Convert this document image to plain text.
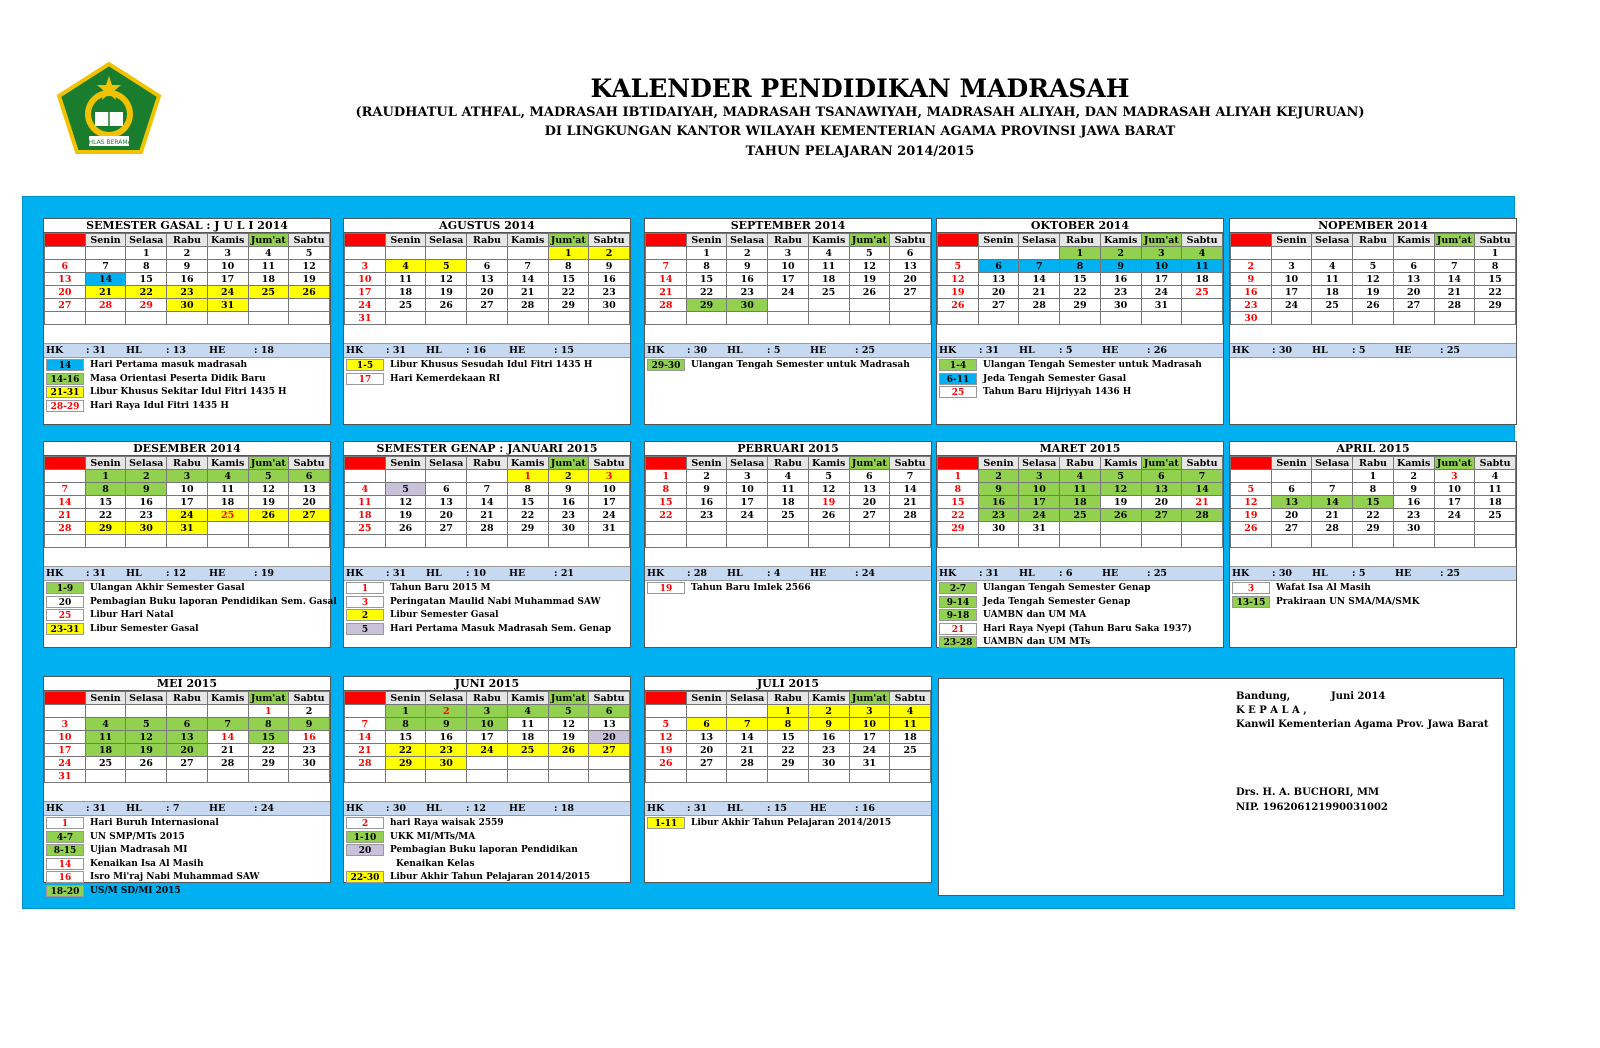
IKHLAS BERAMAL
KALENDER PENDIDIKAN MADRASAH
(RAUDHATUL ATHFAL, MADRASAH IBTIDAIYAH, MADRASAH TSANAWIYAH, MADRASAH ALIYAH, DAN MADRASAH ALIYAH KEJURUAN)
DI LINGKUNGAN KANTOR WILAYAH KEMENTERIAN AGAMA PROVINSI JAWA BARAT
TAHUN PELAJARAN 2014/2015
Bandung,	Juni 2014
K E P A L A ,
Kanwil Kementerian Agama Prov. Jawa Barat
Drs. H. A. BUCHORI, MM
NIP. 196206121990031002
SEMESTER GASAL : J U L I 2014
Ahad	Senin	Selasa	Rabu	Kamis	Jum'at	Sabtu
		1	2	3	4	5
6	7	8	9	10	11	12
13	14	15	16	17	18	19
20	21	22	23	24	25	26
27	28	29	30	31		

HK : 31 HL	: 13 HE	: 18
14	Hari Pertama masuk madrasah
14-16	Masa Orientasi Peserta Didik Baru
21-31	Libur Khusus Sekitar Idul Fitri 1435 H
28-29	Hari Raya Idul Fitri 1435 H
AGUSTUS 2014
Ahad	Senin	Selasa	Rabu	Kamis	Jum'at	Sabtu
					1	2
3	4	5	6	7	8	9
10	11	12	13	14	15	16
17	18	19	20	21	22	23
24	25	26	27	28	29	30
31						
HK : 31 HL	: 16 HE	: 15
1-5	Libur Khusus Sesudah Idul Fitri 1435 H
17	Hari Kemerdekaan RI
SEPTEMBER 2014
Ahad	Senin	Selasa	Rabu	Kamis	Jum'at	Sabtu
	1	2	3	4	5	6
7	8	9	10	11	12	13
14	15	16	17	18	19	20
21	22	23	24	25	26	27
28	29	30				

HK : 30 HL	: 5	HE	: 25
29-30	Ulangan Tengah Semester untuk Madrasah
OKTOBER 2014
Ahad	Senin	Selasa	Rabu	Kamis	Jum'at	Sabtu
			1	2	3	4
5	6	7	8	9	10	11
12	13	14	15	16	17	18
19	20	21	22	23	24	25
26	27	28	29	30	31	

HK : 31 HL	: 5	HE	: 26
1-4	Ulangan Tengah Semester untuk Madrasah
6-11	Jeda Tengah Semester Gasal
25	Tahun Baru Hijriyyah 1436 H
NOPEMBER 2014
Ahad	Senin	Selasa	Rabu	Kamis	Jum'at	Sabtu
						1
2	3	4	5	6	7	8
9	10	11	12	13	14	15
16	17	18	19	20	21	22
23	24	25	26	27	28	29
30						
HK : 30 HL	: 5	HE	: 25
DESEMBER 2014
Ahad	Senin	Selasa	Rabu	Kamis	Jum'at	Sabtu
	1	2	3	4	5	6
7	8	9	10	11	12	13
14	15	16	17	18	19	20
21	22	23	24	25	26	27
28	29	30	31			

HK : 31 HL	: 12 HE	: 19
1-9	Ulangan Akhir Semester Gasal
20	Pembagian Buku laporan Pendidikan Sem. Gasal
25	Libur Hari Natal
23-31	Libur Semester Gasal
SEMESTER GENAP : JANUARI 2015
Ahad	Senin	Selasa	Rabu	Kamis	Jum'at	Sabtu
				1	2	3
4	5	6	7	8	9	10
11	12	13	14	15	16	17
18	19	20	21	22	23	24
25	26	27	28	29	30	31

HK : 31 HL	: 10 HE	: 21
1	Tahun Baru 2015 M
3	Peringatan Maulid Nabi Muhammad SAW
2	Libur Semester Gasal
5	Hari Pertama Masuk Madrasah Sem. Genap
PEBRUARI 2015
Ahad	Senin	Selasa	Rabu	Kamis	Jum'at	Sabtu
1	2	3	4	5	6	7
8	9	10	11	12	13	14
15	16	17	18	19	20	21
22	23	24	25	26	27	28

HK : 28 HL	: 4	HE	: 24
19	Tahun Baru Imlek 2566
MARET 2015
Ahad	Senin	Selasa	Rabu	Kamis	Jum'at	Sabtu
1	2	3	4	5	6	7
8	9	10	11	12	13	14
15	16	17	18	19	20	21
22	23	24	25	26	27	28
29	30	31				

HK : 31 HL	: 6	HE	: 25
2-7	Ulangan Tengah Semester Genap
9-14	Jeda Tengah Semester Genap
9-18	UAMBN dan UM MA
21	Hari Raya Nyepi (Tahun Baru Saka 1937)
23-28	UAMBN dan UM MTs
APRIL 2015
Ahad	Senin	Selasa	Rabu	Kamis	Jum'at	Sabtu
			1	2	3	4
5	6	7	8	9	10	11
12	13	14	15	16	17	18
19	20	21	22	23	24	25
26	27	28	29	30		

HK : 30 HL	: 5	HE	: 25
3	Wafat Isa Al Masih
13-15	Prakiraan UN SMA/MA/SMK
MEI 2015
Ahad	Senin	Selasa	Rabu	Kamis	Jum'at	Sabtu
					1	2
3	4	5	6	7	8	9
10	11	12	13	14	15	16
17	18	19	20	21	22	23
24	25	26	27	28	29	30
31						
HK : 31 HL	: 7	HE	: 24
1	Hari Buruh Internasional
4-7	UN SMP/MTs 2015
8-15	Ujian Madrasah MI
14	Kenaikan Isa Al Masih
16	Isro Mi'raj Nabi Muhammad SAW
18-20	US/M SD/MI 2015
JUNI 2015
Ahad	Senin	Selasa	Rabu	Kamis	Jum'at	Sabtu
	1	2	3	4	5	6
7	8	9	10	11	12	13
14	15	16	17	18	19	20
21	22	23	24	25	26	27
28	29	30				

HK : 30 HL	: 12 HE	: 18
2	hari Raya waisak 2559
1-10	UKK MI/MTs/MA
20	Pembagian Buku laporan Pendidikan
Kenaikan Kelas
22-30	Libur Akhir Tahun Pelajaran 2014/2015
JULI 2015
Ahad	Senin	Selasa	Rabu	Kamis	Jum'at	Sabtu
			1	2	3	4
5	6	7	8	9	10	11
12	13	14	15	16	17	18
19	20	21	22	23	24	25
26	27	28	29	30	31	

HK : 31 HL	: 15 HE	: 16
1-11	Libur Akhir Tahun Pelajaran 2014/2015
